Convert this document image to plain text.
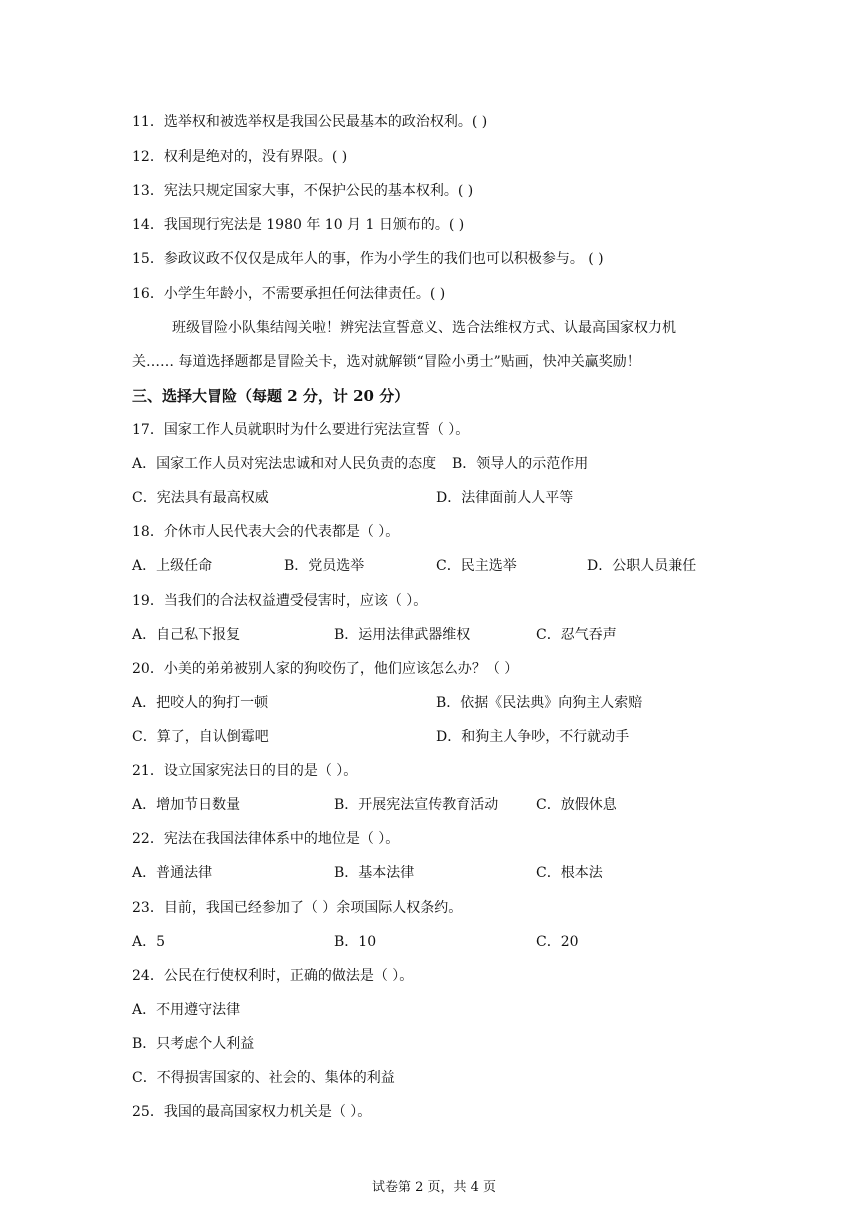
11．选举权和被选举权是我国公民最基本的政治权利。( )
12．权利是绝对的，没有界限。( )
13．宪法只规定国家大事，不保护公民的基本权利。( )
14．我国现行宪法是 1980 年 10 月 1 日颁布的。( )
15．参政议政不仅仅是成年人的事，作为小学生的我们也可以积极参与。 ( )
16．小学生年龄小，不需要承担任何法律责任。( )
班级冒险小队集结闯关啦！辨宪法宣誓意义、选合法维权方式、认最高国家权力机
关…… 每道选择题都是冒险关卡，选对就解锁“冒险小勇士”贴画，快冲关赢奖励！
三、选择大冒险（每题 2 分，计 20 分）
17．国家工作人员就职时为什么要进行宪法宣誓（ ）。
A．国家工作人员对宪法忠诚和对人民负责的态度 B．领导人的示范作用
C．宪法具有最高权威	D．法律面前人人平等
18．介休市人民代表大会的代表都是（ ）。
A．上级任命	B．党员选举	C．民主选举	D．公职人员兼任
19．当我们的合法权益遭受侵害时，应该（ ）。
A．自己私下报复	B．运用法律武器维权	C．忍气吞声
20．小美的弟弟被别人家的狗咬伤了，他们应该怎么办？（ ）
A．把咬人的狗打一顿	B．依据《民法典》向狗主人索赔
C．算了，自认倒霉吧	D．和狗主人争吵，不行就动手
21．设立国家宪法日的目的是（ ）。
A．增加节日数量	B．开展宪法宣传教育活动	C．放假休息
22．宪法在我国法律体系中的地位是（ ）。
A．普通法律	B．基本法律	C．根本法
23．目前，我国已经参加了（ ）余项国际人权条约。
A．5	B．10	C．20
24．公民在行使权利时，正确的做法是（ ）。
A．不用遵守法律
B．只考虑个人利益
C．不得损害国家的、社会的、集体的利益
25．我国的最高国家权力机关是（ ）。
试卷第 2 页，共 4 页
